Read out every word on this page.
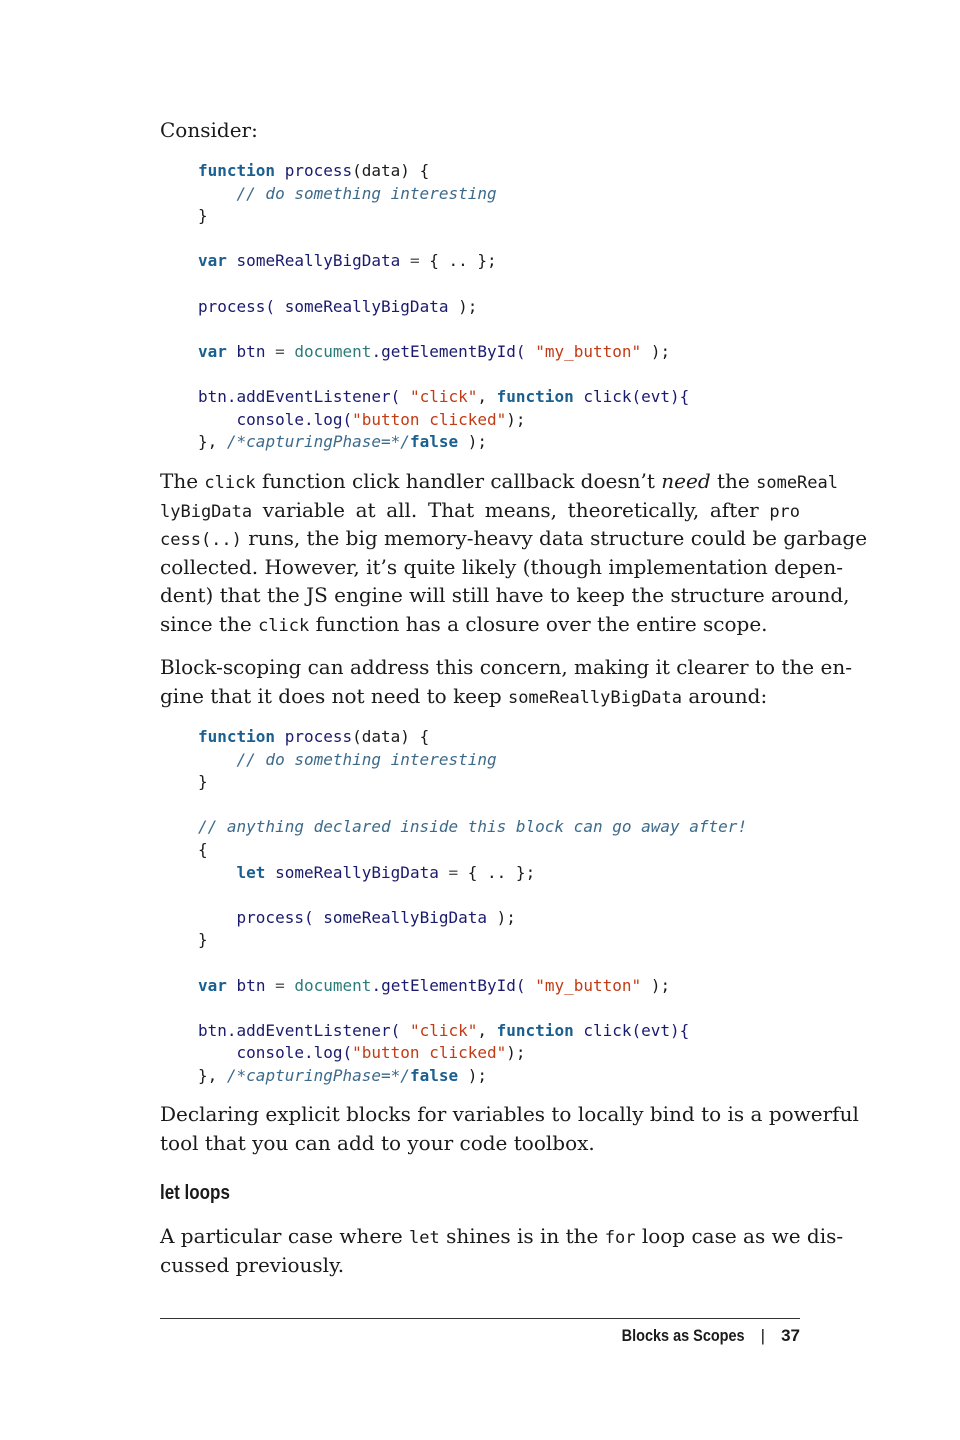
Consider:
function process(data) {
// do something interesting
}

var someReallyBigData = { .. };

process( someReallyBigData );

var btn = document.getElementById( "my_button" );

btn.addEventListener( "click", function click(evt){
console.log("button clicked");
}, /*capturingPhase=*/false );
The click function click handler callback doesn’t need the someReal
lyBigData variable at all. That means, theoretically, after pro
cess(..) runs, the big memory-heavy data structure could be garbage
collected. However, it’s quite likely (though implementation depen-
dent) that the JS engine will still have to keep the structure around,
since the click function has a closure over the entire scope.
Block-scoping can address this concern, making it clearer to the en-
gine that it does not need to keep someReallyBigData around:
function process(data) {
// do something interesting
}

// anything declared inside this block can go away after!
{
let someReallyBigData = { .. };

process( someReallyBigData );
}

var btn = document.getElementById( "my_button" );

btn.addEventListener( "click", function click(evt){
console.log("button clicked");
}, /*capturingPhase=*/false );
Declaring explicit blocks for variables to locally bind to is a powerful
tool that you can add to your code toolbox.
let loops
A particular case where let shines is in the for loop case as we dis-
cussed previously.
Blocks as Scopes | 37
